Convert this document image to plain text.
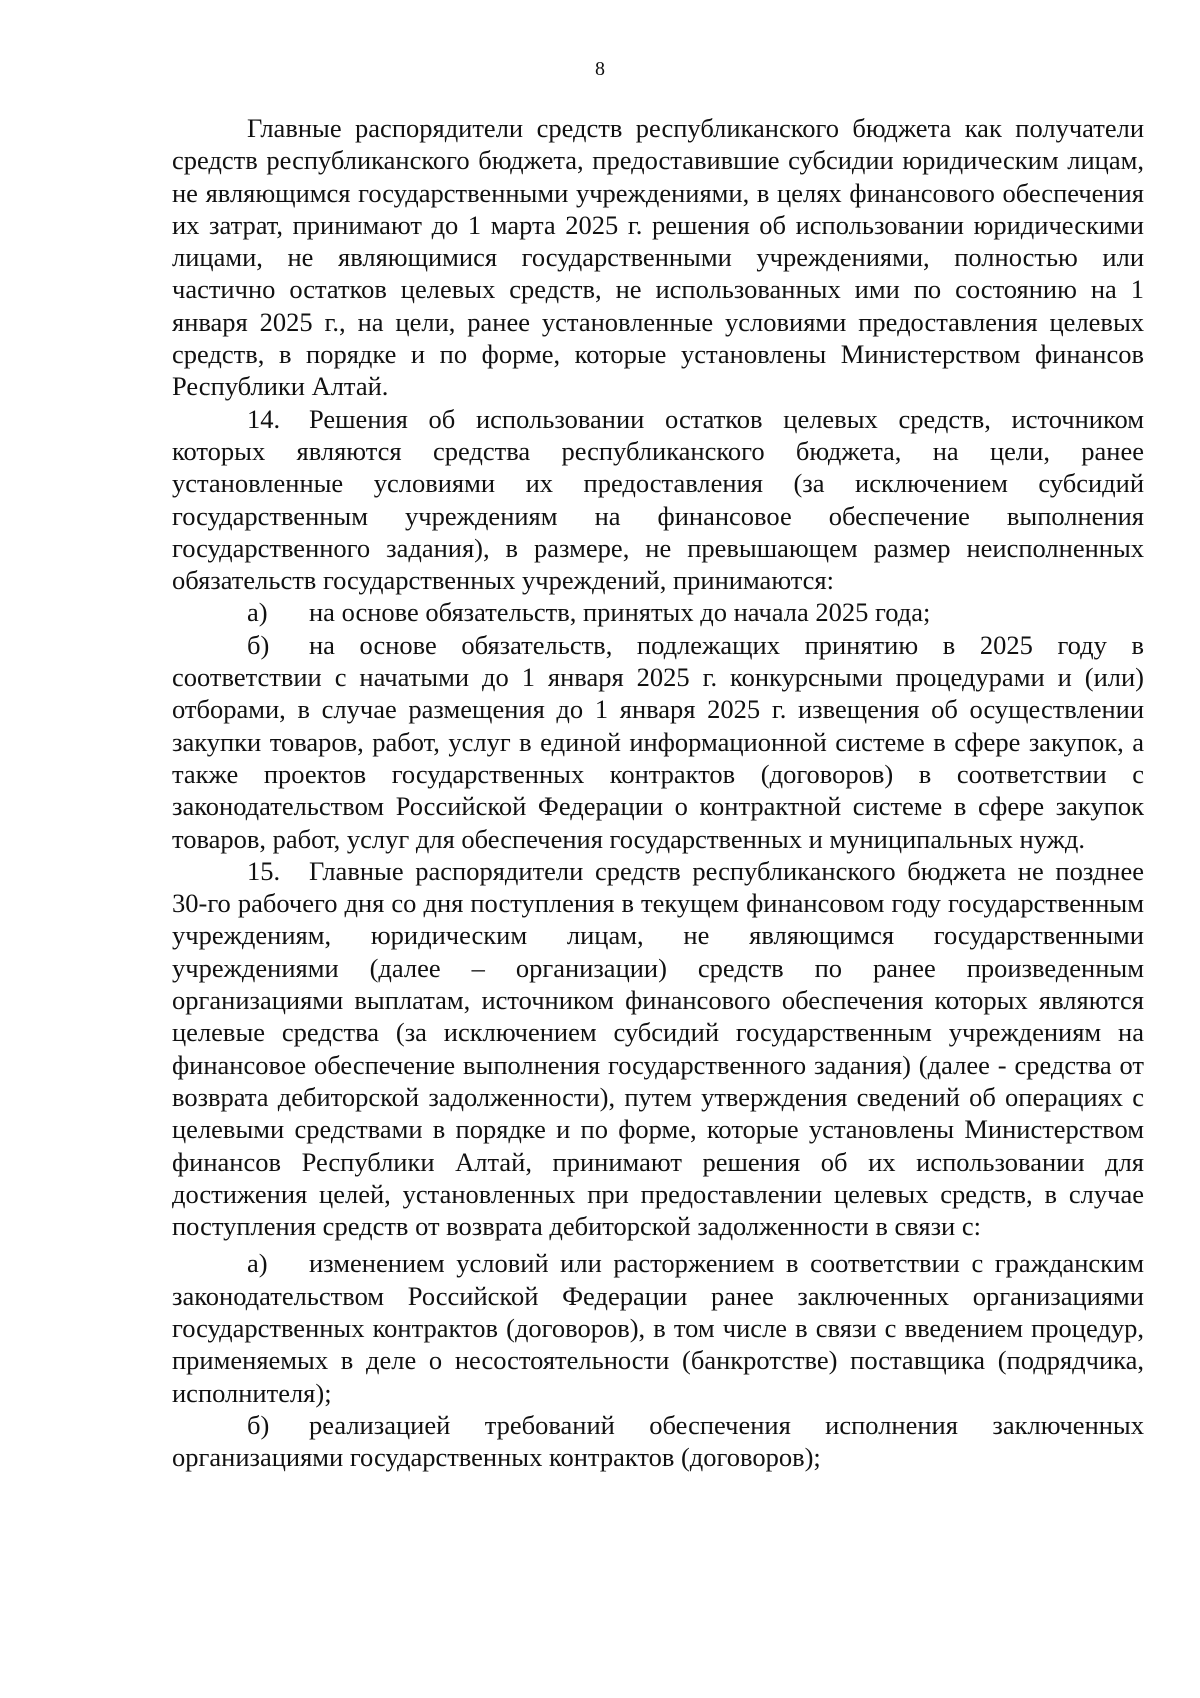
8

Главные распорядители средств республиканского бюджета как получатели средств республиканского бюджета, предоставившие субсидии юридическим лицам, не являющимся государственными учреждениями, в целях финансового обеспечения их затрат, принимают до 1 марта 2025 г. решения об использовании юридическими лицами, не являющимися государственными учреждениями, полностью или частично остатков целевых средств, не использованных ими по состоянию на 1 января 2025 г., на цели, ранее установленные условиями предоставления целевых средств, в порядке и по форме, которые установлены Министерством финансов Республики Алтай.

14. Решения об использовании остатков целевых средств, источником которых являются средства республиканского бюджета, на цели, ранее установленные условиями их предоставления (за исключением субсидий государственным учреждениям на финансовое обеспечение выполнения государственного задания), в размере, не превышающем размер неисполненных обязательств государственных учреждений, принимаются:

а) на основе обязательств, принятых до начала 2025 года;

б) на основе обязательств, подлежащих принятию в 2025 году в соответствии с начатыми до 1 января 2025 г. конкурсными процедурами и (или) отборами, в случае размещения до 1 января 2025 г. извещения об осуществлении закупки товаров, работ, услуг в единой информационной системе в сфере закупок, а также проектов государственных контрактов (договоров) в соответствии с законодательством Российской Федерации о контрактной системе в сфере закупок товаров, работ, услуг для обеспечения государственных и муниципальных нужд.

15. Главные распорядители средств республиканского бюджета не позднее 30-го рабочего дня со дня поступления в текущем финансовом году государственным учреждениям, юридическим лицам, не являющимся государственными учреждениями (далее – организации) средств по ранее произведенным организациями выплатам, источником финансового обеспечения которых являются целевые средства (за исключением субсидий государственным учреждениям на финансовое обеспечение выполнения государственного задания) (далее - средства от возврата дебиторской задолженности), путем утверждения сведений об операциях с целевыми средствами в порядке и по форме, которые установлены Министерством финансов Республики Алтай, принимают решения об их использовании для достижения целей, установленных при предоставлении целевых средств, в случае поступления средств от возврата дебиторской задолженности в связи с:

а) изменением условий или расторжением в соответствии с гражданским законодательством Российской Федерации ранее заключенных организациями государственных контрактов (договоров), в том числе в связи с введением процедур, применяемых в деле о несостоятельности (банкротстве) поставщика (подрядчика, исполнителя);

б) реализацией требований обеспечения исполнения заключенных организациями государственных контрактов (договоров);
